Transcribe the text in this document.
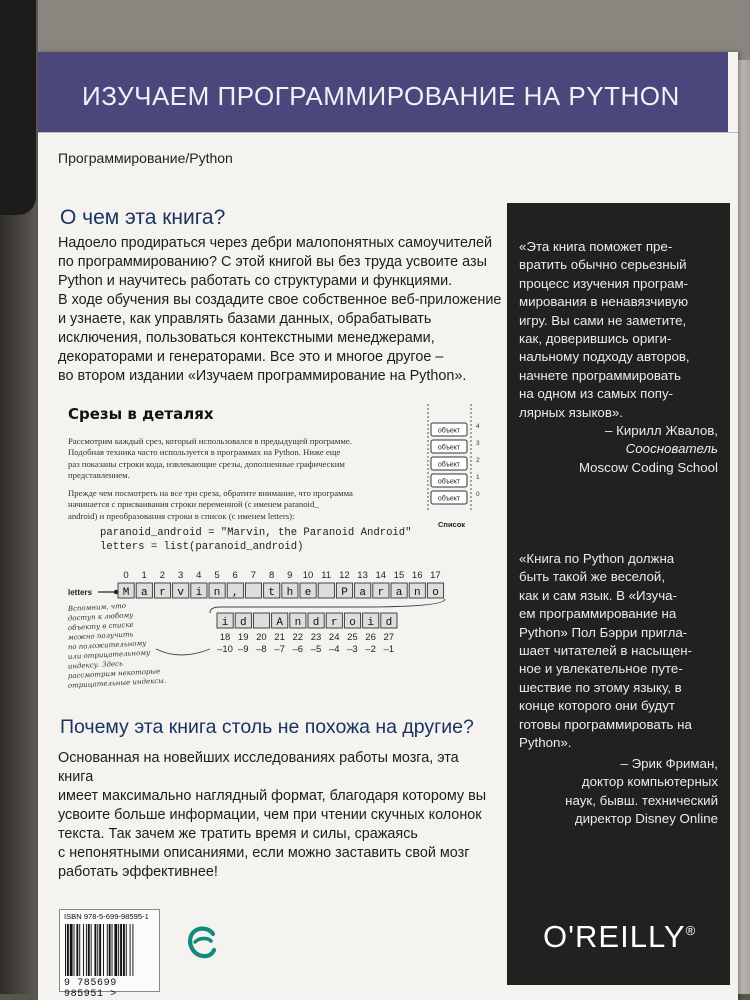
ИЗУЧАЕМ ПРОГРАММИРОВАНИЕ НА PYTHON
Программирование/Python
О чем эта книга?
Надоело продираться через дебри малопонятных самоучителей
по программированию? С этой книгой вы без труда усвоите азы
Python и научитесь работать со структурами и функциями.
В ходе обучения вы создадите свое собственное веб-приложение
и узнаете, как управлять базами данных, обрабатывать
исключения, пользоваться контекстными менеджерами,
декораторами и генераторами. Все это и многое другое –
во втором издании «Изучаем программирование на Python».
Срезы в деталях
Рассмотрим каждый срез, который использовался в предыдущей программе.
Подобная техника часто используется в программах на Python. Ниже еще
раз показаны строки кода, извлекающие срезы, дополненные графическим
представлением.
Прежде чем посмотреть на все три среза, обратите внимание, что программа
начинается с присваивания строки переменной (с именем paranoid_
android) и преобразования строки в список (с именем letters):
paranoid_android = "Marvin, the Paranoid Android"
letters = list(paranoid_android)
объект
4
объект
3
объект
2
объект
1
объект
0
Список
letters
0 1 2 3 4 5 6 7 8 9 10 11 12 13 14 15 16 17
M a r v i n ,	t h e	P a r a n o
i d	A n d r o i d
18 19 20 21 22 23 24 25 26 27
–10 –9 –8 –7 –6 –5 –4 –3 –2 –1
Вспомним, что
доступ к любому
объекту в списке
можно получить
по положительному
или отрицательному
индексу. Здесь
рассмотрим некоторые
отрицательные индексы.
Почему эта книга столь не похожа на другие?
Основанная на новейших исследованиях работы мозга, эта книга
имеет максимально наглядный формат, благодаря которому вы
усвоите больше информации, чем при чтении скучных колонок
текста. Так зачем же тратить время и силы, сражаясь
с непонятными описаниями, если можно заставить свой мозг
работать эффективнее!
«Эта книга поможет пре-
вратить обычно серьезный
процесс изучения програм-
мирования в ненавязчивую
игру. Вы сами не заметите,
как, доверившись ориги-
нальному подходу авторов,
начнете программировать
на одном из самых попу-
лярных языков».
– Кирилл Жвалов,
Сооснователь
Moscow Coding School
«Книга по Python должна
быть такой же веселой,
как и сам язык. В «Изуча-
ем программирование на
Python» Пол Бэрри пригла-
шает читателей в насыщен-
ное и увлекательное путе-
шествие по этому языку, в
конце которого они будут
готовы программировать на
Python».
– Эрик Фриман,
доктор компьютерных
наук, бывш. технический
директор Disney Online
O'REILLY®
ISBN 978-5-699-98595-1
9 785699 985951 >
